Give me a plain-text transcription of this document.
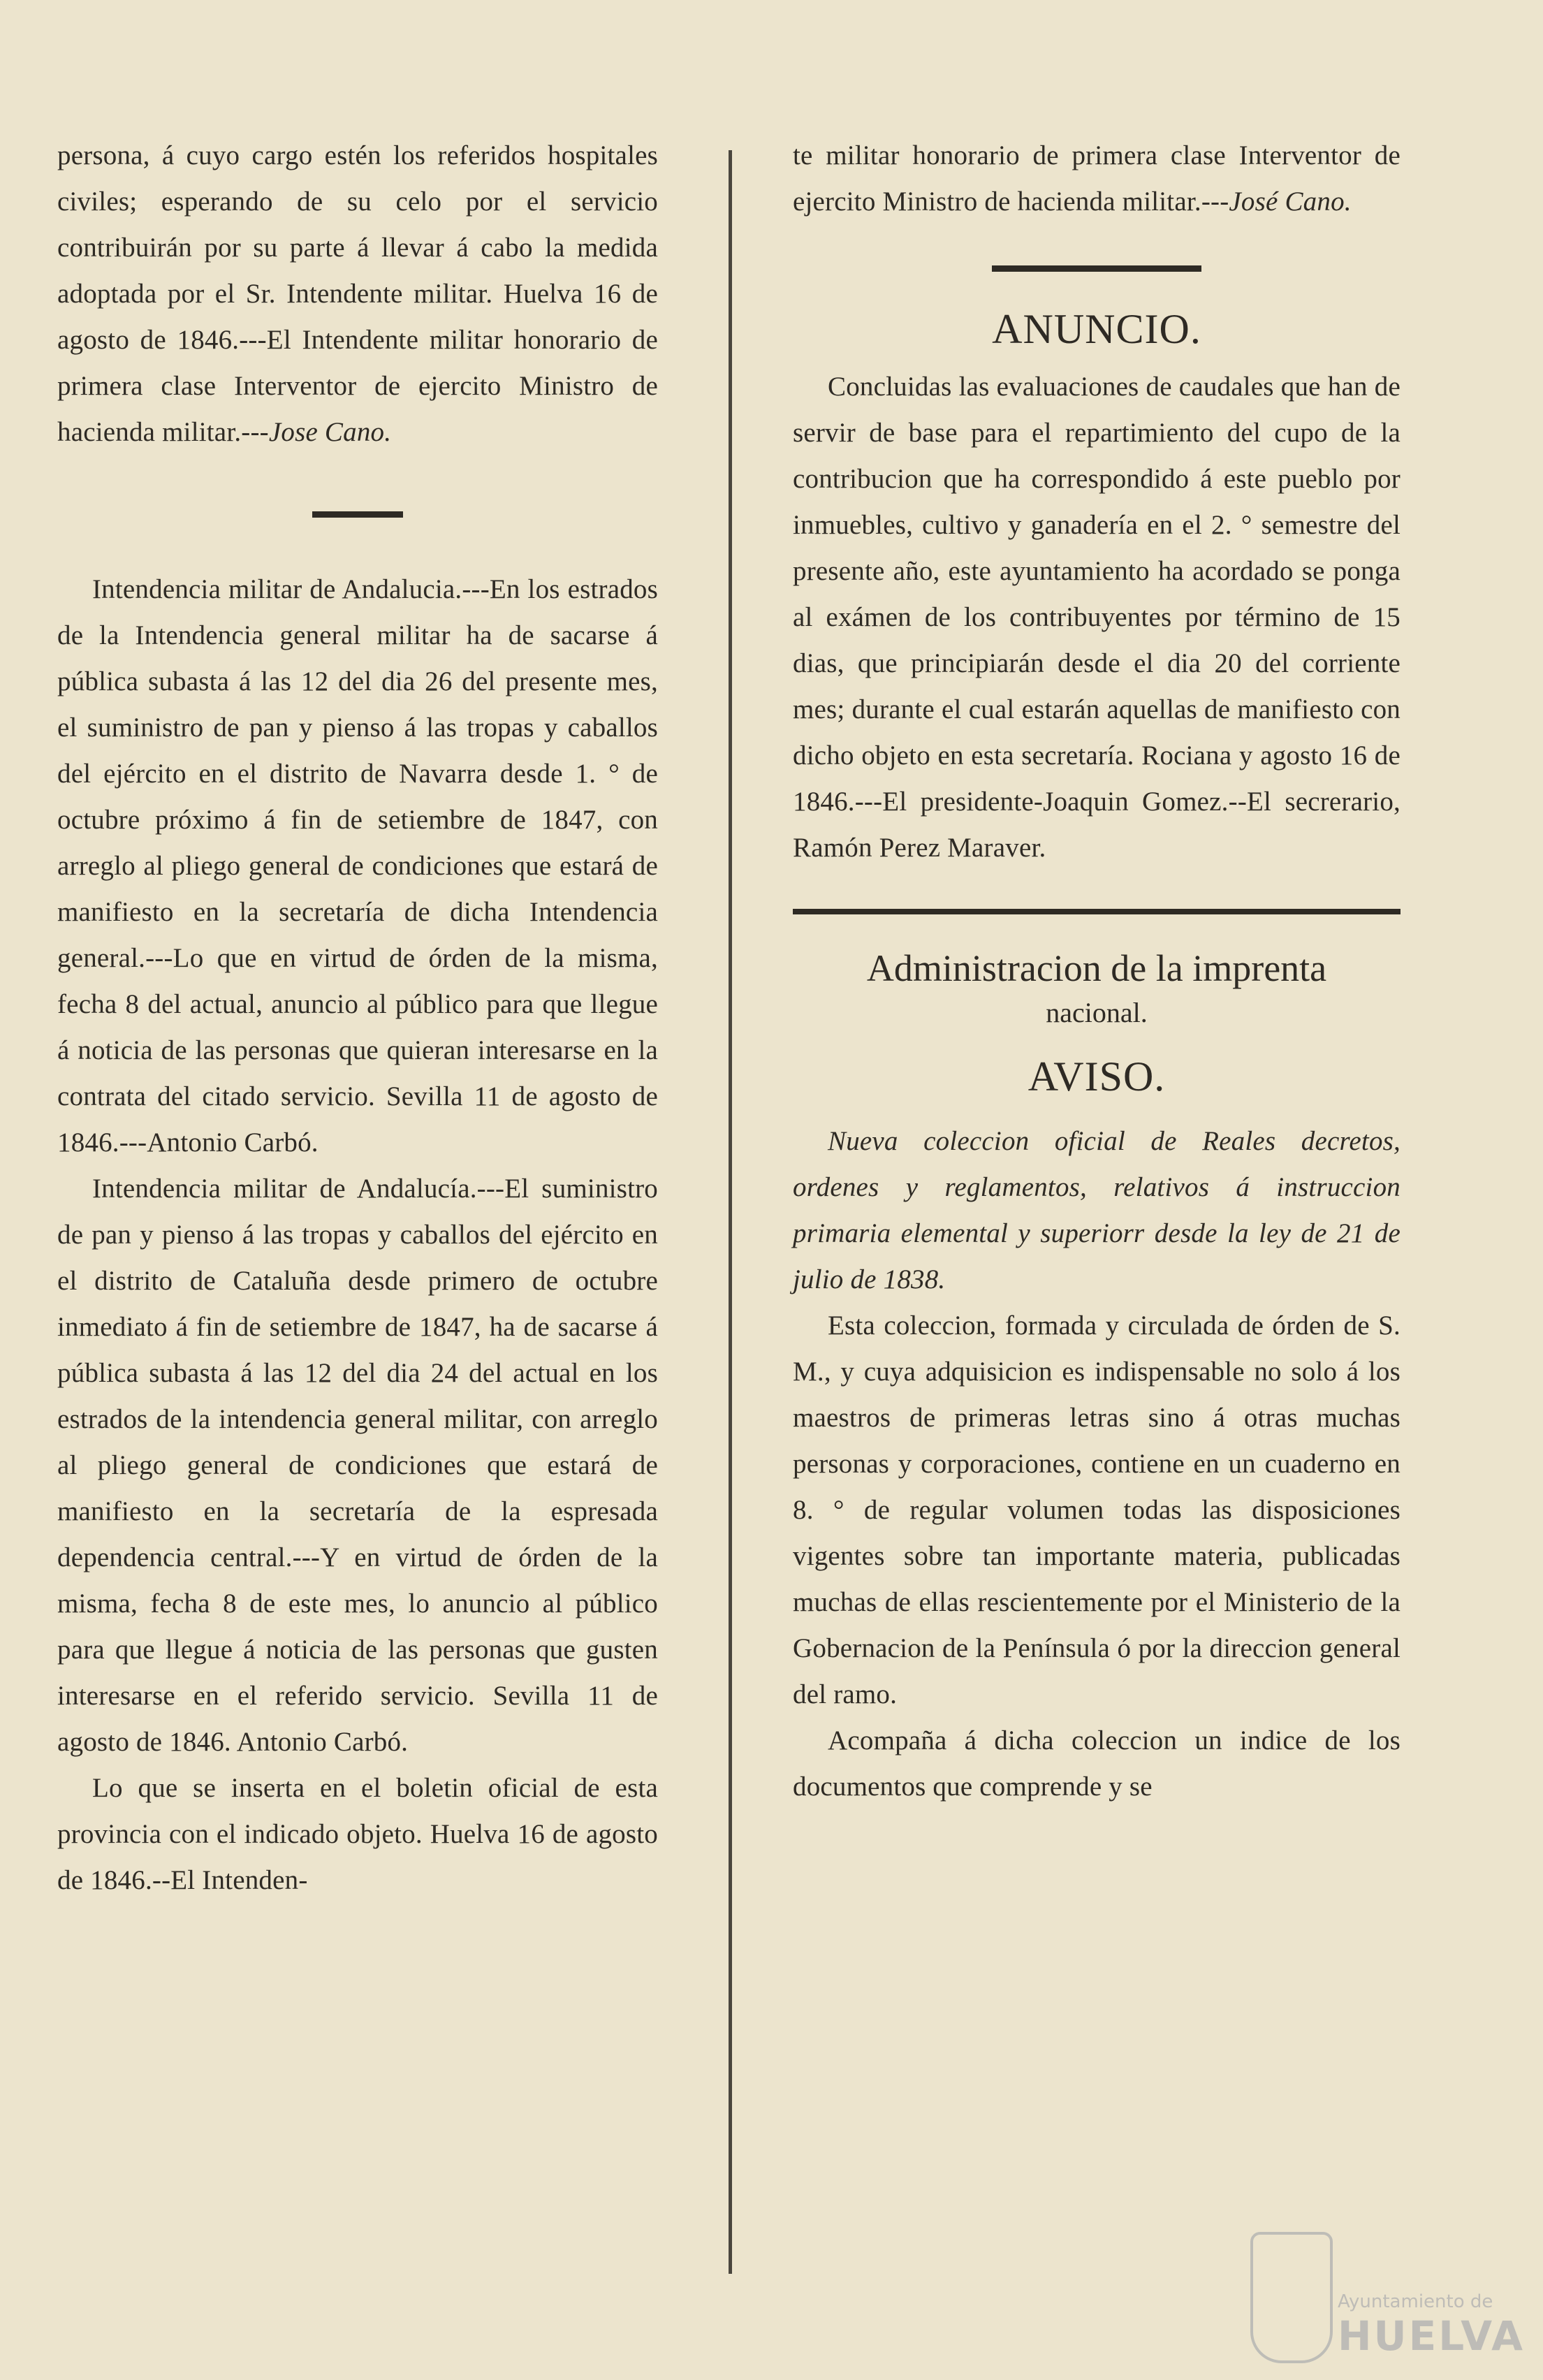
persona, á cuyo cargo estén los referidos hospitales civiles; esperando de su celo por el servicio contribuirán por su parte á llevar á cabo la medida adoptada por el Sr. Intendente militar. Huelva 16 de agosto de 1846.---El Intendente militar honorario de primera clase Interventor de ejercito Ministro de hacienda militar.---Jose Cano.

Intendencia militar de Andalucia.---En los estrados de la Intendencia general militar ha de sacarse á pública subasta á las 12 del dia 26 del presente mes, el suministro de pan y pienso á las tropas y caballos del ejército en el distrito de Navarra desde 1. ° de octubre próximo á fin de setiembre de 1847, con arreglo al pliego general de condiciones que estará de manifiesto en la secretaría de dicha Intendencia general.---Lo que en virtud de órden de la misma, fecha 8 del actual, anuncio al público para que llegue á noticia de las personas que quieran interesarse en la contrata del citado servicio. Sevilla 11 de agosto de 1846.---Antonio Carbó.

Intendencia militar de Andalucía.---El suministro de pan y pienso á las tropas y caballos del ejército en el distrito de Cataluña desde primero de octubre inmediato á fin de setiembre de 1847, ha de sacarse á pública subasta á las 12 del dia 24 del actual en los estrados de la intendencia general militar, con arreglo al pliego general de condiciones que estará de manifiesto en la secretaría de la espresada dependencia central.---Y en virtud de órden de la misma, fecha 8 de este mes, lo anuncio al público para que llegue á noticia de las personas que gusten interesarse en el referido servicio. Sevilla 11 de agosto de 1846. Antonio Carbó.

Lo que se inserta en el boletin oficial de esta provincia con el indicado objeto. Huelva 16 de agosto de 1846.--El Intenden-

te militar honorario de primera clase Interventor de ejercito Ministro de hacienda militar.---José Cano.

ANUNCIO.

Concluidas las evaluaciones de caudales que han de servir de base para el repartimiento del cupo de la contribucion que ha correspondido á este pueblo por inmuebles, cultivo y ganadería en el 2. ° semestre del presente año, este ayuntamiento ha acordado se ponga al exámen de los contribuyentes por término de 15 dias, que principiarán desde el dia 20 del corriente mes; durante el cual estarán aquellas de manifiesto con dicho objeto en esta secretaría. Rociana y agosto 16 de 1846.---El presidente-Joaquin Gomez.--El secrerario, Ramón Perez Maraver.

Administracion de la imprenta

nacional.

AVISO.

Nueva coleccion oficial de Reales decretos, ordenes y reglamentos, relativos á instruccion primaria elemental y superiorr desde la ley de 21 de julio de 1838.

Esta coleccion, formada y circulada de órden de S. M., y cuya adquisicion es indispensable no solo á los maestros de primeras letras sino á otras muchas personas y corporaciones, contiene en un cuaderno en 8. ° de regular volumen todas las disposiciones vigentes sobre tan importante materia, publicadas muchas de ellas rescientemente por el Ministerio de la Gobernacion de la Península ó por la direccion general del ramo.

Acompaña á dicha coleccion un indice de los documentos que comprende y se

Ayuntamiento de
HUELVA
